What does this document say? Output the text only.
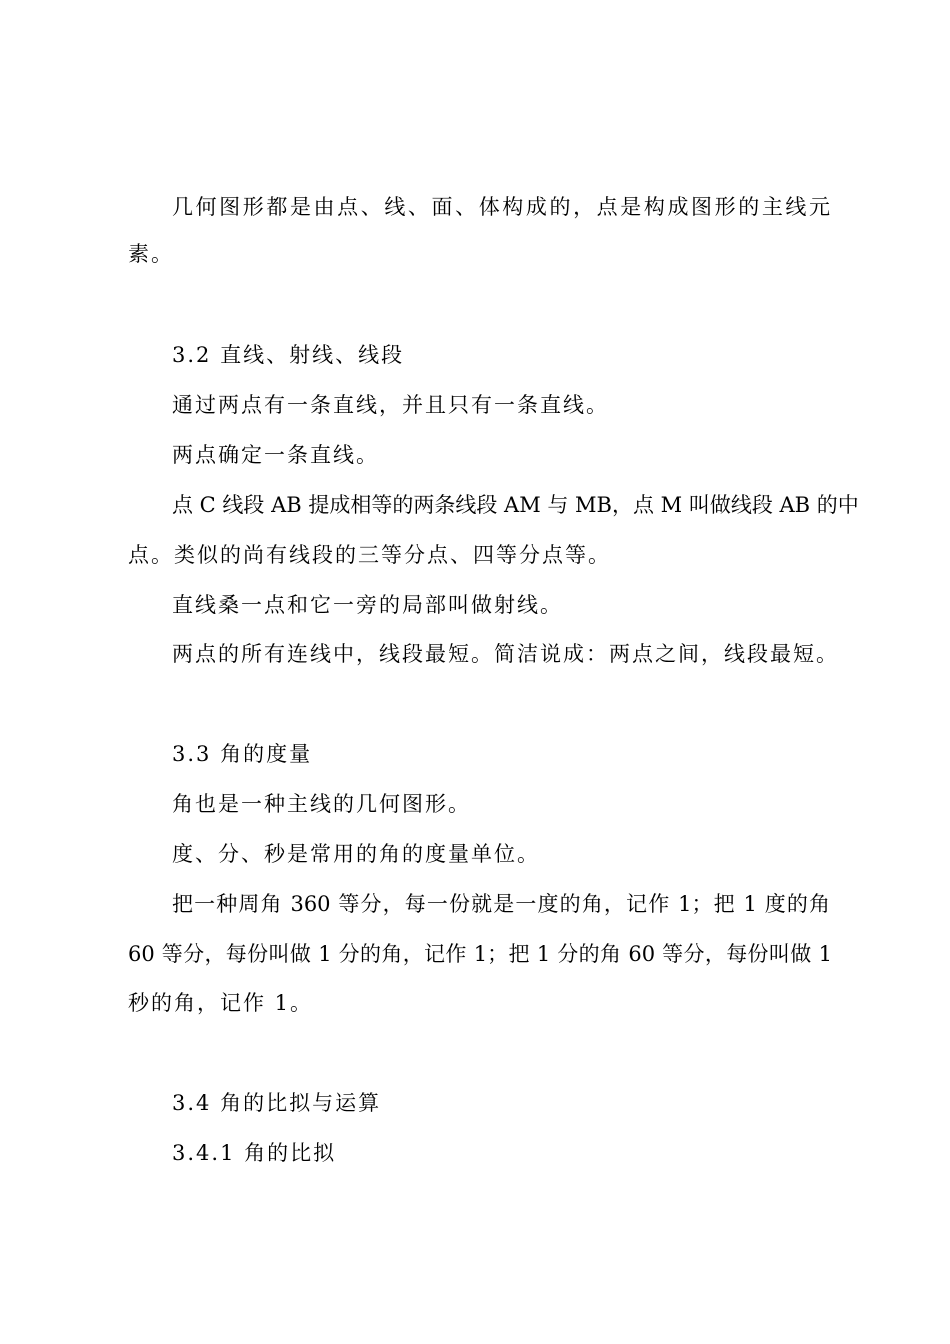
几何图形都是由点、线、面、体构成的，点是构成图形的主线元
素。
3.2 直线、射线、线段
通过两点有一条直线，并且只有一条直线。
两点确定一条直线。
点 C 线段 AB 提成相等的两条线段 AM 与 MB，点 M 叫做线段 AB 的中
点。类似的尚有线段的三等分点、四等分点等。
直线桑一点和它一旁的局部叫做射线。
两点的所有连线中，线段最短。简洁说成：两点之间，线段最短。
3.3 角的度量
角也是一种主线的几何图形。
度、分、秒是常用的角的度量单位。
把一种周角 360 等分，每一份就是一度的角，记作 1；把 1 度的角
60 等分，每份叫做 1 分的角，记作 1；把 1 分的角 60 等分，每份叫做 1
秒的角，记作 1。
3.4 角的比拟与运算
3.4.1 角的比拟
